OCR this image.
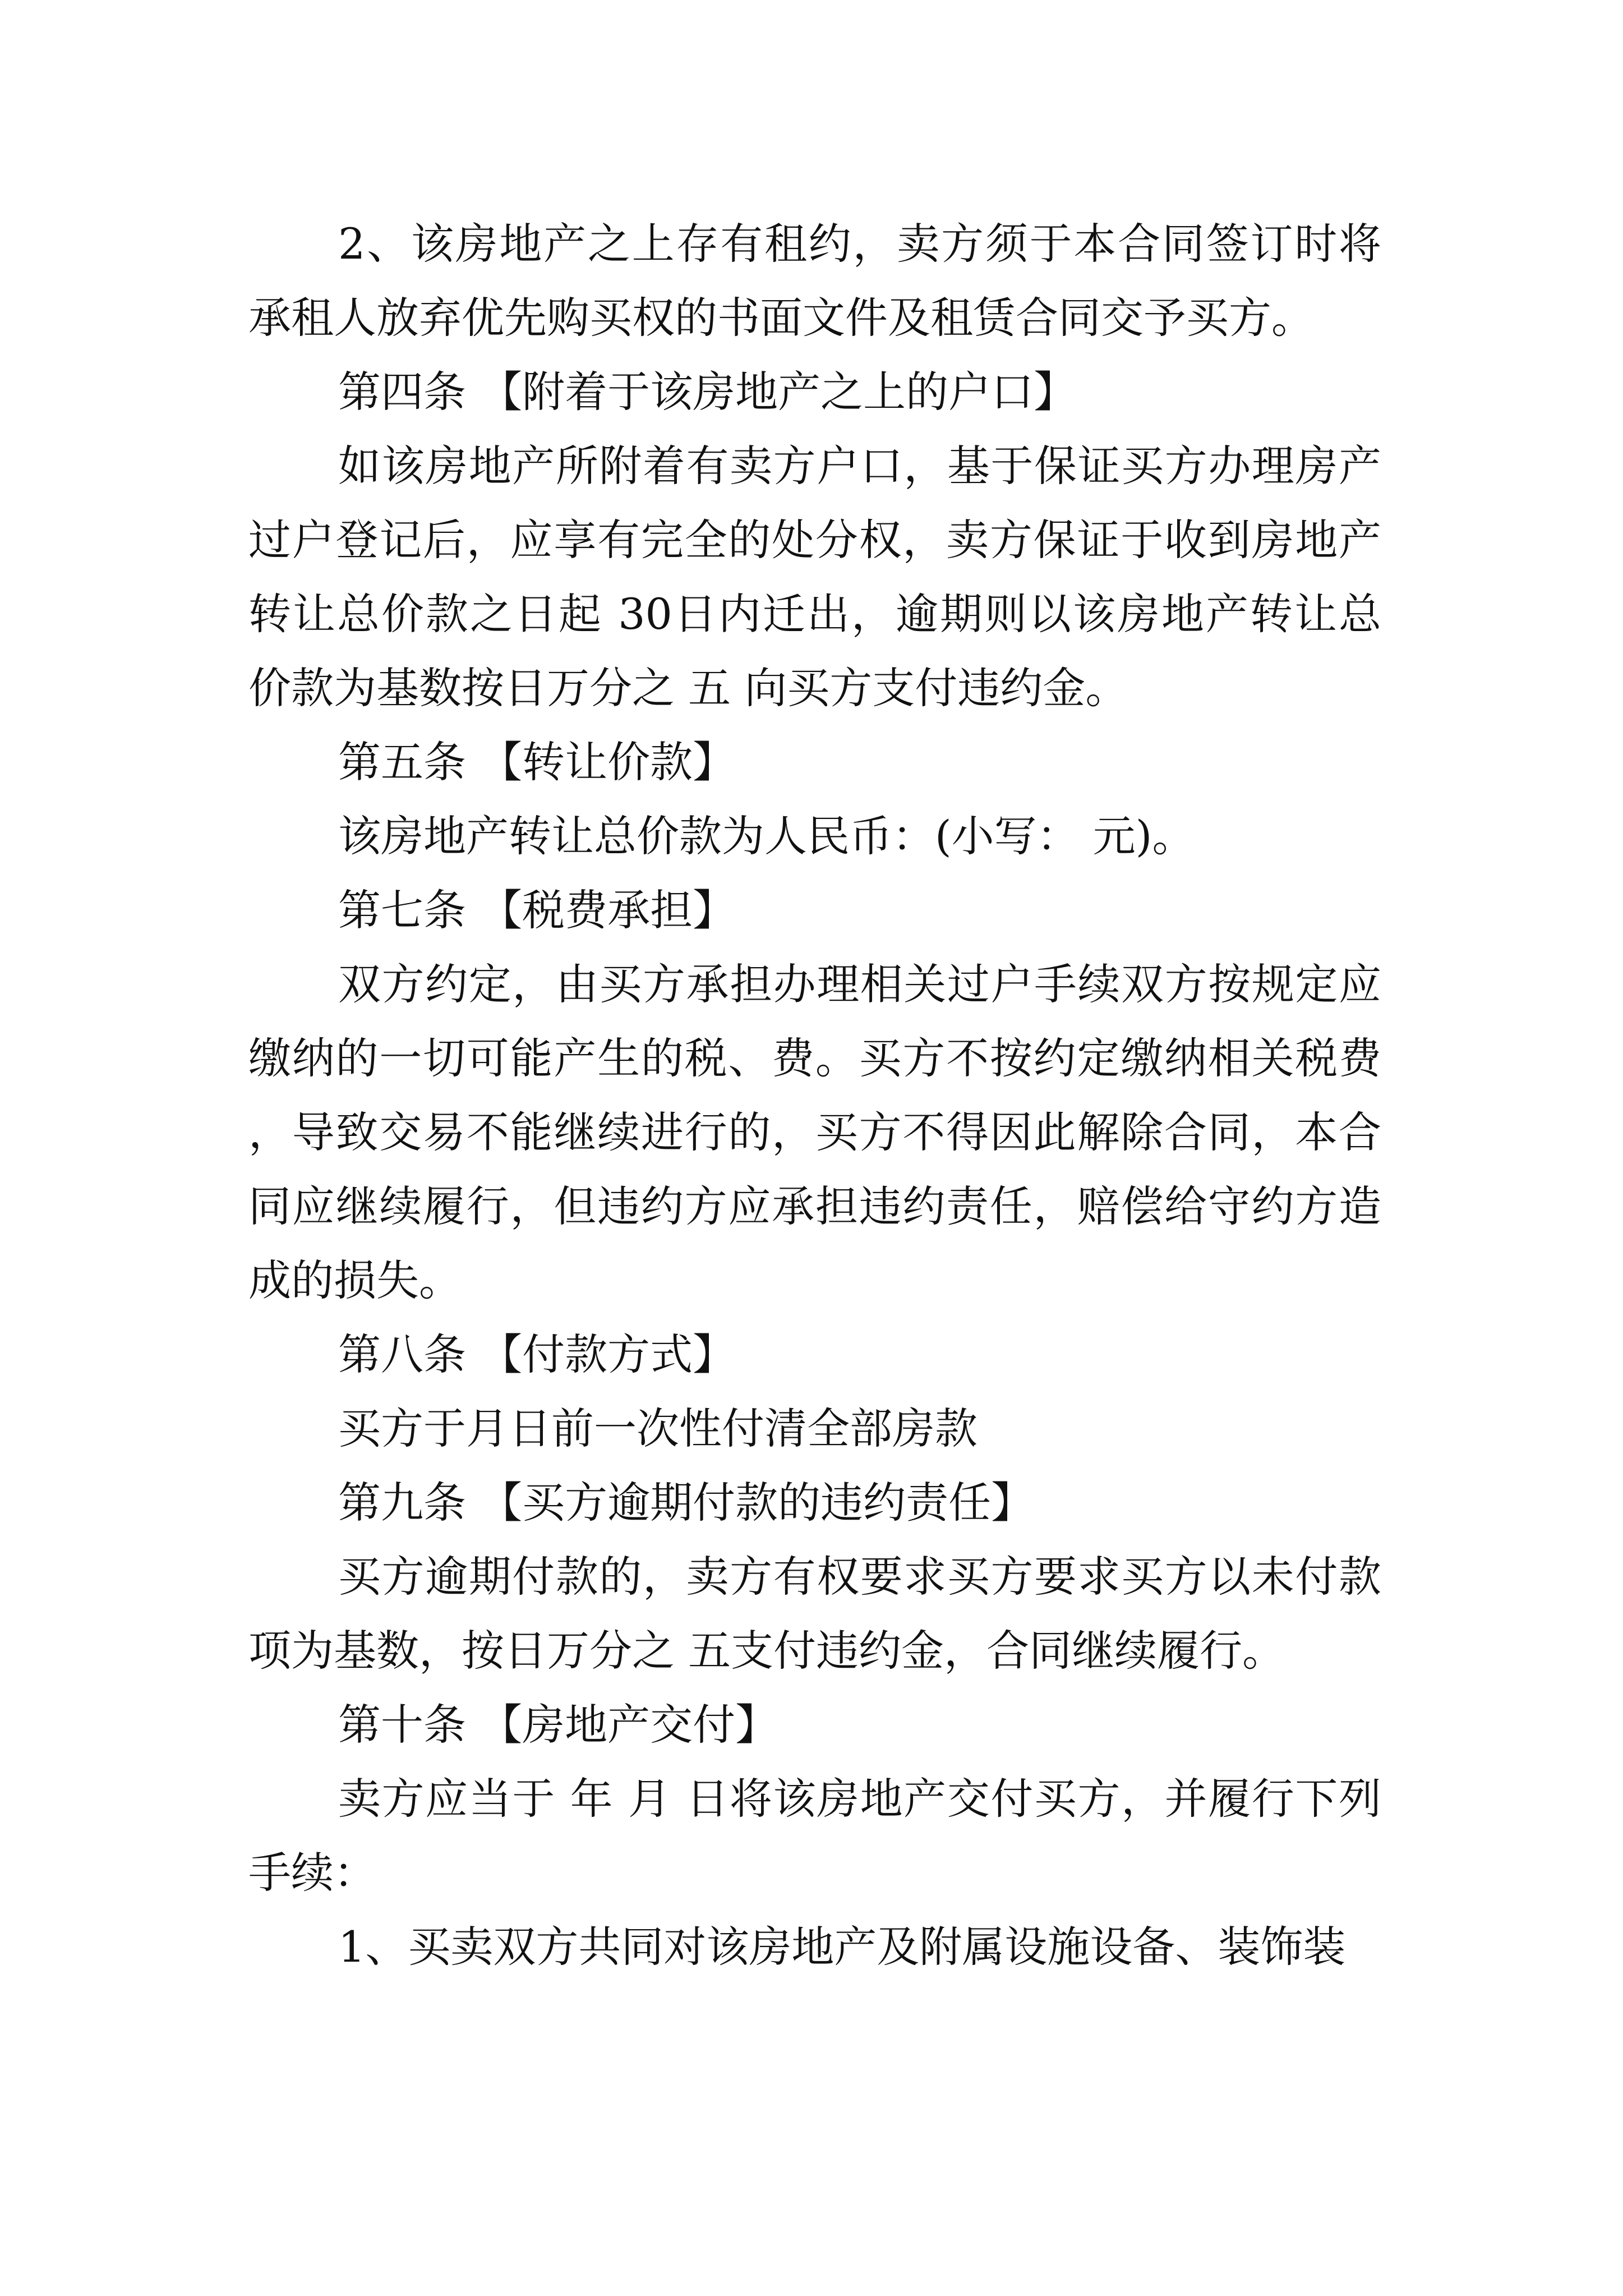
2、该房地产之上存有租约，卖方须于本合同签订时将承租人放弃优先购买权的书面文件及租赁合同交予买方。

第四条 【附着于该房地产之上的户口】

如该房地产所附着有卖方户口，基于保证买方办理房产过户登记后，应享有完全的处分权，卖方保证于收到房地产转让总价款之日起 30日内迁出，逾期则以该房地产转让总价款为基数按日万分之 五 向买方支付违约金。

第五条 【转让价款】

该房地产转让总价款为人民币：(小写： 元)。

第七条 【税费承担】

双方约定，由买方承担办理相关过户手续双方按规定应缴纳的一切可能产生的税、费。买方不按约定缴纳相关税费，导致交易不能继续进行的，买方不得因此解除合同，本合同应继续履行，但违约方应承担违约责任，赔偿给守约方造成的损失。

第八条 【付款方式】

买方于月日前一次性付清全部房款

第九条 【买方逾期付款的违约责任】

买方逾期付款的，卖方有权要求买方要求买方以未付款项为基数，按日万分之 五支付违约金，合同继续履行。

第十条 【房地产交付】

卖方应当于 年 月 日将该房地产交付买方，并履行下列手续：

1、买卖双方共同对该房地产及附属设施设备、装饰装
